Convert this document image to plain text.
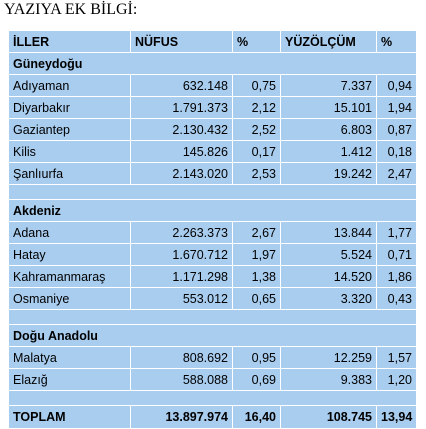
YAZIYA EK BİLGİ:
İLLER	NÜFUS	%	YÜZÖLÇÜM	%
Güneydoğu				
Adıyaman	632.148	0,75	7.337	0,94
Diyarbakır	1.791.373	2,12	15.101	1,94
Gaziantep	2.130.432	2,52	6.803	0,87
Kilis	145.826	0,17	1.412	0,18
Şanlıurfa	2.143.020	2,53	19.242	2,47

Akdeniz				
Adana	2.263.373	2,67	13.844	1,77
Hatay	1.670.712	1,97	5.524	0,71
Kahramanmaraş	1.171.298	1,38	14.520	1,86
Osmaniye	553.012	0,65	3.320	0,43

Doğu Anadolu				
Malatya	808.692	0,95	12.259	1,57
Elazığ	588.088	0,69	9.383	1,20

TOPLAM	13.897.974	16,40	108.745	13,94
